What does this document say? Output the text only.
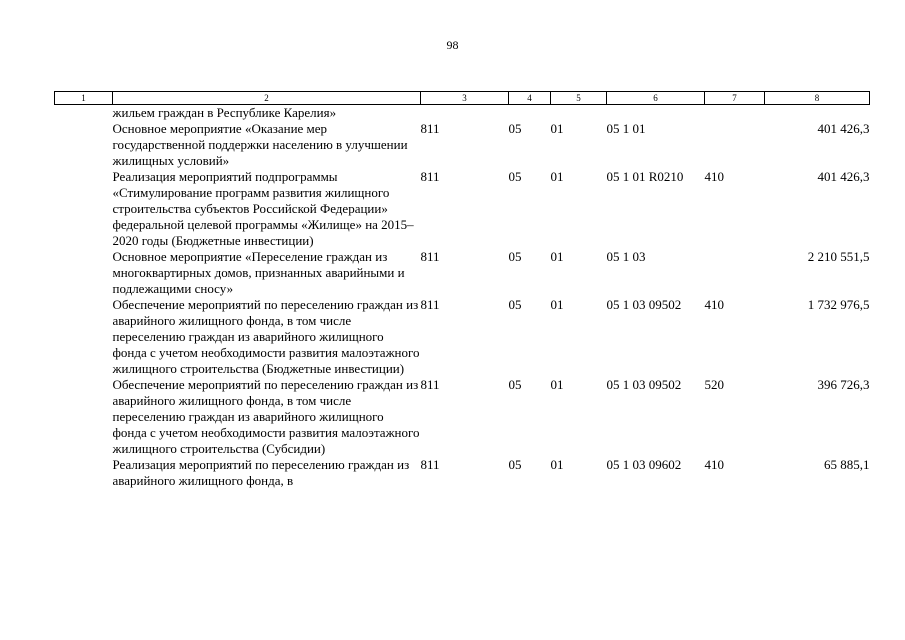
98
1	2	3	4	5	6	7	8
	жильем граждан в Республике Карелия»						
	Основное мероприятие «Оказание мер государственной поддержки населению в улучшении жилищных условий»	811	05	01	05 1 01		401 426,3
	Реализация мероприятий подпрограммы «Стимулирование программ развития жилищного строительства субъектов Российской Федерации» федеральной целевой программы «Жилище» на 2015–2020 годы (Бюджетные инвестиции)	811	05	01	05 1 01 R0210	410	401 426,3
	Основное мероприятие «Переселение граждан из многоквартирных домов, признанных аварийными и подлежащими сносу»	811	05	01	05 1 03		2 210 551,5
	Обеспечение мероприятий по переселению граждан из аварийного жилищного фонда, в том числе переселению граждан из аварийного жилищного фонда с учетом необходимости развития малоэтажного жилищного строительства (Бюджетные инвестиции)	811	05	01	05 1 03 09502	410	1 732 976,5
	Обеспечение мероприятий по переселению граждан из аварийного жилищного фонда, в том числе переселению граждан из аварийного жилищного фонда с учетом необходимости развития малоэтажного жилищного строительства (Субсидии)	811	05	01	05 1 03 09502	520	396 726,3
	Реализация мероприятий по переселению граждан из аварийного жилищного фонда, в	811	05	01	05 1 03 09602	410	65 885,1
